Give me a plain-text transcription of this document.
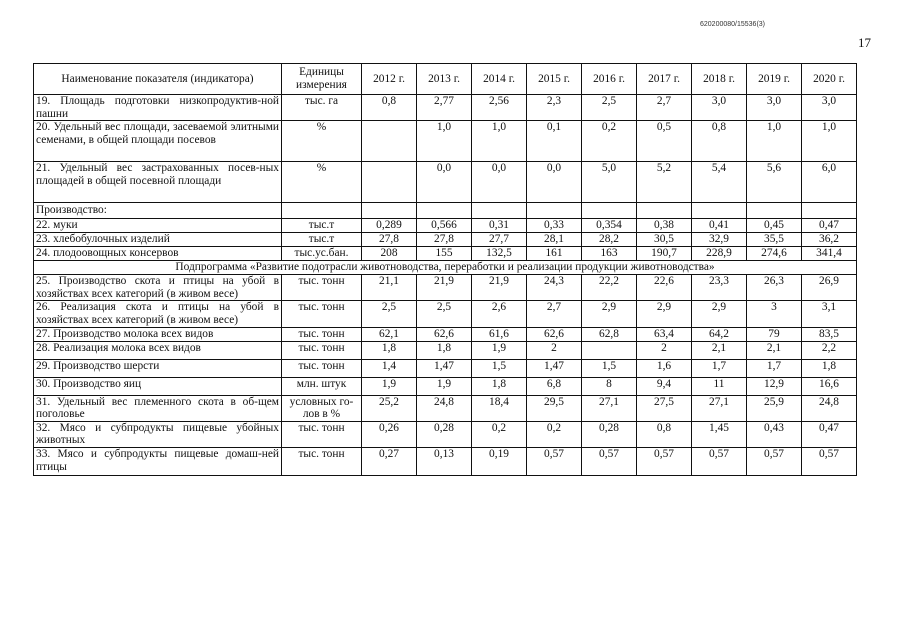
620200080/15536(3)
17
Наименование показателя (индикатора)	Единицы измерения	2012 г.	2013 г.	2014 г.	2015 г.	2016 г.	2017 г.	2018 г.	2019 г.	2020 г.
19. Площадь подготовки низкопродуктив-ной пашни	тыс. га	0,8	2,77	2,56	2,3	2,5	2,7	3,0	3,0	3,0
20. Удельный вес площади, засеваемой элитными семенами, в общей площади посевов	%		1,0	1,0	0,1	0,2	0,5	0,8	1,0	1,0
21. Удельный вес застрахованных посев-ных площадей в общей посевной площади	%		0,0	0,0	0,0	5,0	5,2	5,4	5,6	6,0
Производство:										
22. муки	тыс.т	0,289	0,566	0,31	0,33	0,354	0,38	0,41	0,45	0,47
23. хлебобулочных изделий	тыс.т	27,8	27,8	27,7	28,1	28,2	30,5	32,9	35,5	36,2
24. плодоовощных консервов	тыс.ус.бан.	208	155	132,5	161	163	190,7	228,9	274,6	341,4
Подпрограмма «Развитие подотрасли животноводства, переработки и реализации продукции животноводства»										
25. Производство скота и птицы на убой в хозяйствах всех категорий (в живом весе)	тыс. тонн	21,1	21,9	21,9	24,3	22,2	22,6	23,3	26,3	26,9
26. Реализация скота и птицы на убой в хозяйствах всех категорий (в живом весе)	тыс. тонн	2,5	2,5	2,6	2,7	2,9	2,9	2,9	3	3,1
27. Производство молока всех видов	тыс. тонн	62,1	62,6	61,6	62,6	62,8	63,4	64,2	79	83,5
28. Реализация молока всех видов	тыс. тонн	1,8	1,8	1,9	2		2	2,1	2,1	2,2
29. Производство шерсти	тыс. тонн	1,4	1,47	1,5	1,47	1,5	1,6	1,7	1,7	1,8
30. Производство яиц	млн. штук	1,9	1,9	1,8	6,8	8	9,4	11	12,9	16,6
31. Удельный вес племенного скота в об-щем поголовье	условных го-лов в %	25,2	24,8	18,4	29,5	27,1	27,5	27,1	25,9	24,8
32. Мясо и субпродукты пищевые убойных животных	тыс. тонн	0,26	0,28	0,2	0,2	0,28	0,8	1,45	0,43	0,47
33. Мясо и субпродукты пищевые домаш-ней птицы	тыс. тонн	0,27	0,13	0,19	0,57	0,57	0,57	0,57	0,57	0,57
